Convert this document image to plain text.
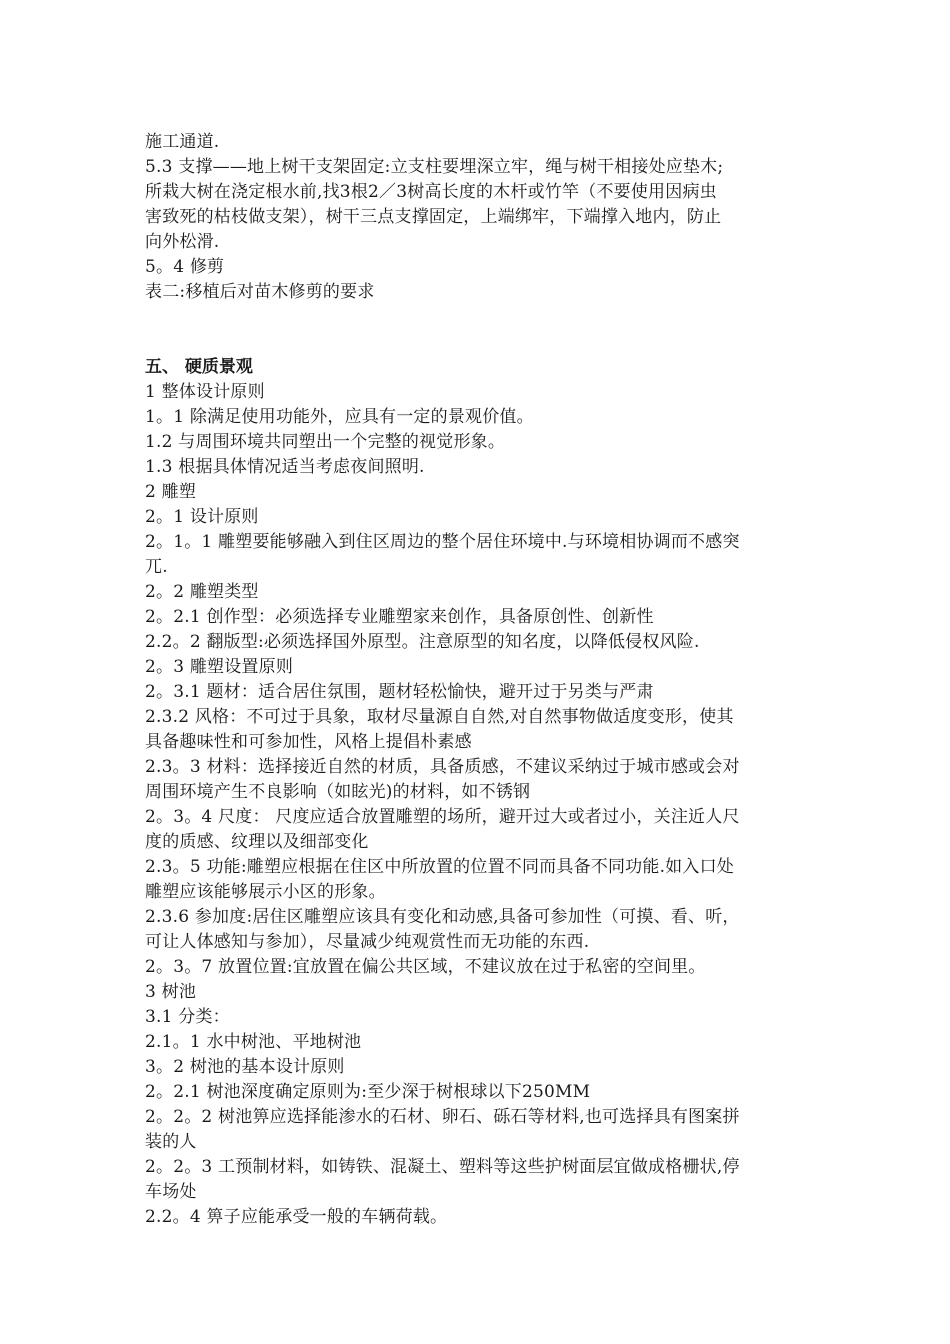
施工通道.
5.3 支撑——地上树干支架固定:立支柱要埋深立牢，绳与树干相接处应垫木;
所栽大树在浇定根水前,找3根2／3树高长度的木杆或竹竿（不要使用因病虫
害致死的枯枝做支架），树干三点支撑固定，上端绑牢，下端撑入地内，防止
向外松滑.
5。4 修剪
表二:移植后对苗木修剪的要求
五、 硬质景观
1 整体设计原则
1。1 除满足使用功能外，应具有一定的景观价值。
1.2 与周围环境共同塑出一个完整的视觉形象。
1.3 根据具体情况适当考虑夜间照明.
2 雕塑
2。1 设计原则
2。1。1 雕塑要能够融入到住区周边的整个居住环境中.与环境相协调而不感突
兀.
2。2 雕塑类型
2。2.1 创作型：必须选择专业雕塑家来创作，具备原创性、创新性
2.2。2 翻版型:必须选择国外原型。注意原型的知名度，以降低侵权风险.
2。3 雕塑设置原则
2。3.1 题材：适合居住氛围，题材轻松愉快，避开过于另类与严肃
2.3.2 风格：不可过于具象，取材尽量源自自然,对自然事物做适度变形，使其
具备趣味性和可参加性，风格上提倡朴素感
2.3。3 材料：选择接近自然的材质，具备质感，不建议采纳过于城市感或会对
周围环境产生不良影响（如眩光)的材料，如不锈钢
2。3。4 尺度： 尺度应适合放置雕塑的场所，避开过大或者过小，关注近人尺
度的质感、纹理以及细部变化
2.3。5 功能:雕塑应根据在住区中所放置的位置不同而具备不同功能.如入口处
雕塑应该能够展示小区的形象。
2.3.6 参加度:居住区雕塑应该具有变化和动感,具备可参加性（可摸、看、听，
可让人体感知与参加），尽量减少纯观赏性而无功能的东西.
2。3。7 放置位置:宜放置在偏公共区域，不建议放在过于私密的空间里。
3 树池
3.1 分类：
2.1。1 水中树池、平地树池
3。2 树池的基本设计原则
2。2.1 树池深度确定原则为:至少深于树根球以下250MM
2。2。2 树池箅应选择能渗水的石材、卵石、砾石等材料,也可选择具有图案拼
装的人
2。2。3 工预制材料，如铸铁、混凝土、塑料等这些护树面层宜做成格栅状,停
车场处
2.2。4 箅子应能承受一般的车辆荷载。
